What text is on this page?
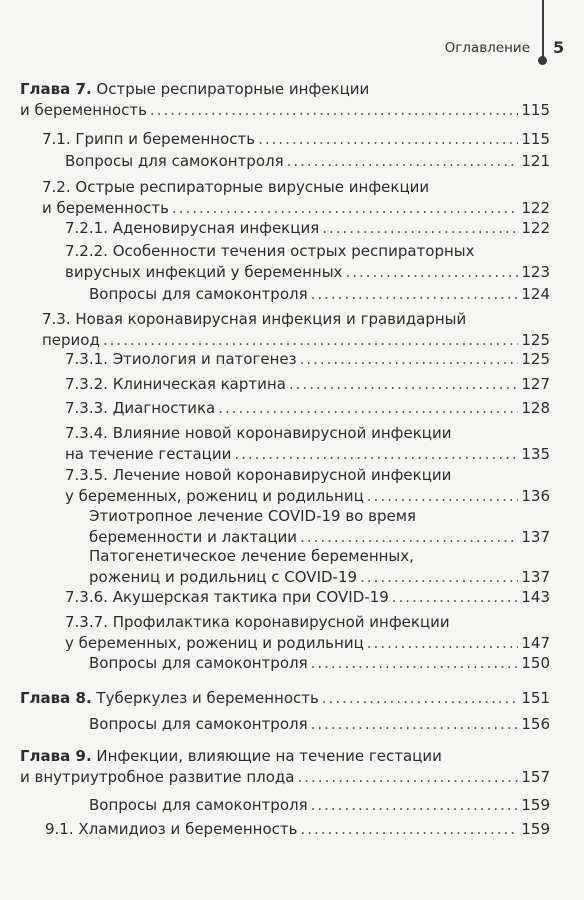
Оглавление 5
Глава 7. Острые респираторные инфекции
и беременность .....	115
7.1. Грипп и беременность .....	115
Вопросы для самоконтроля .....	121
7.2. Острые респираторные вирусные инфекции
и беременность .....	122
7.2.1. Аденовирусная инфекция .....	122
7.2.2. Особенности течения острых респираторных
вирусных инфекций у беременных .....	123
Вопросы для самоконтроля .....	124
7.3. Новая коронавирусная инфекция и гравидарный
период .....	125
7.3.1. Этиология и патогенез .....	125
7.3.2. Клиническая картина .....	127
7.3.3. Диагностика .....	128
7.3.4. Влияние новой коронавирусной инфекции
на течение гестации .....	135
7.3.5. Лечение новой коронавирусной инфекции
у беременных, рожениц и родильниц .....	136
Этиотропное лечение COVID-19 во время
беременности и лактации .....	137
Патогенетическое лечение беременных,
рожениц и родильниц с COVID-19 .....	137
7.3.6. Акушерская тактика при COVID-19 .....	143
7.3.7. Профилактика коронавирусной инфекции
у беременных, рожениц и родильниц .....	147
Вопросы для самоконтроля .....	150
Глава 8. Туберкулез и беременность .....	151
Вопросы для самоконтроля .....	156
Глава 9. Инфекции, влияющие на течение гестации
и внутриутробное развитие плода .....	157
Вопросы для самоконтроля .....	159
9.1. Хламидиоз и беременность .....	159
